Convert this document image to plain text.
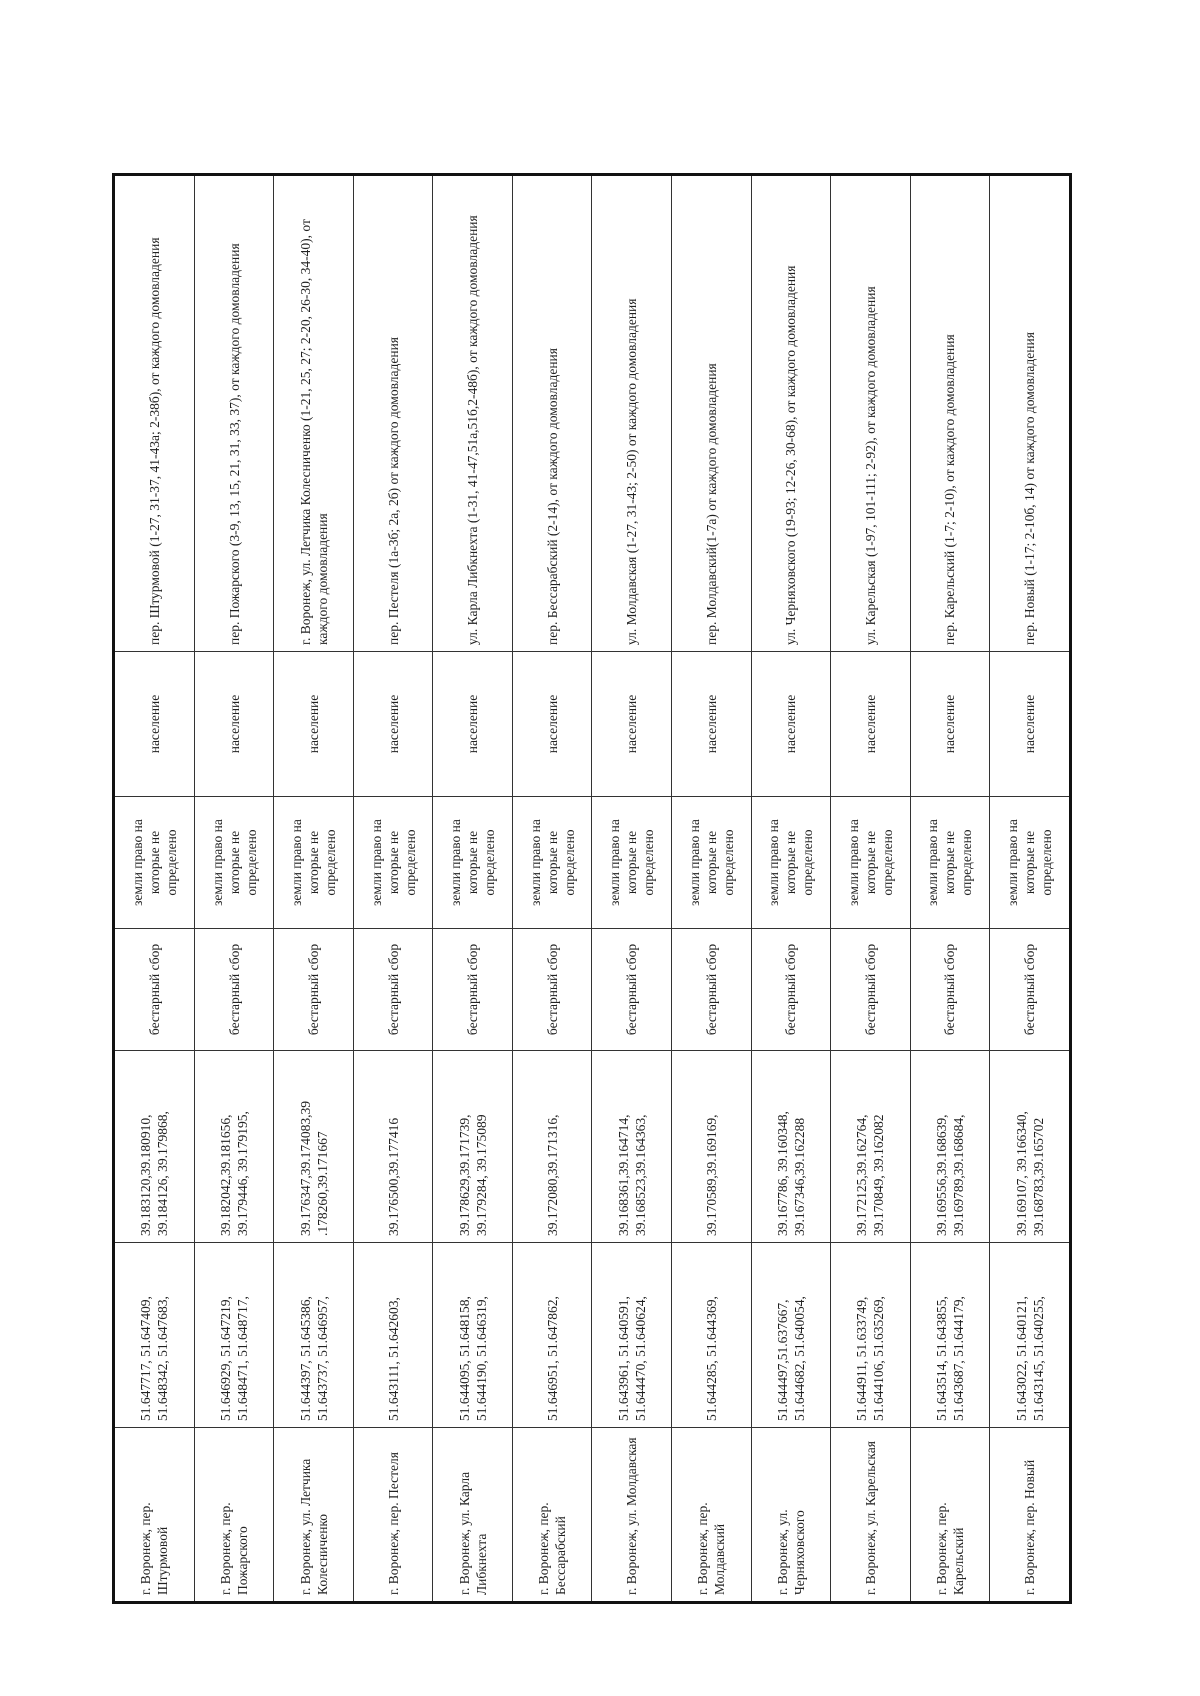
г. Воронеж, пер. Штурмовой	51.647717, 51.647409, 51.648342, 51.647683,	39.183120,39.180910, 39.184126, 39.179868,	бестарный сбор	земли право на которые не определено	население	пер. Штурмовой (1-27, 31-37, 41-43а; 2-38б), от каждого домовладения
г. Воронеж, пер. Пожарского	51.646929, 51.647219, 51.648471, 51.648717,	39.182042,39.181656, 39.179446, 39.179195,	бестарный сбор	земли право на которые не определено	население	пер. Пожарского (3-9, 13, 15, 21, 31, 33, 37), от каждого домовладения
г. Воронеж, ул. Летчика Колесниченко	51.644397, 51.645386, 51.643737, 51.646957,	39.176347,39.174083,39 .178260,39.171667	бестарный сбор	земли право на которые не определено	население	г. Воронеж, ул. Летчика Колесниченко (1-21, 25, 27; 2-20, 26-30, 34-40), от каждого домовладения
г. Воронеж, пер. Пестеля	51.643111, 51.642603,	39.176500,39.177416	бестарный сбор	земли право на которые не определено	население	пер. Пестеля (1а-3б; 2а, 2б) от каждого домовладения
г. Воронеж, ул. Карла Либкнехта	51.644095, 51.648158, 51.644190, 51.646319,	39.178629,39.171739, 39.179284, 39.175089	бестарный сбор	земли право на которые не определено	население	ул. Карла Либкнехта (1-31, 41-47,51а,51б,2-48б), от каждого домовладения
г. Воронеж, пер. Бессарабский	51.646951, 51.647862,	39.172080,39.171316,	бестарный сбор	земли право на которые не определено	население	пер. Бессарабский (2-14), от каждого домовладения
г. Воронеж, ул. Молдавская	51.643961, 51.640591, 51.644470, 51.640624,	39.168361,39.164714, 39.168523,39.164363,	бестарный сбор	земли право на которые не определено	население	ул. Молдавская (1-27, 31-43; 2-50) от каждого домовладения
г. Воронеж, пер. Молдавский	51.644285, 51.644369,	39.170589,39.169169,	бестарный сбор	земли право на которые не определено	население	пер. Молдавский(1-7а) от каждого домовладения
г. Воронеж, ул. Черняховского	51.644497,51.637667, 51.644682, 51.640054,	39.167786, 39.160348, 39.167346,39.162288	бестарный сбор	земли право на которые не определено	население	ул. Черняховского (19-93; 12-26, 30-68), от каждого домовладения
г. Воронеж, ул. Карельская	51.644911, 51.633749, 51.644106, 51.635269,	39.172125,39.162764, 39.170849, 39.162082	бестарный сбор	земли право на которые не определено	население	ул. Карельская (1-97, 101-111; 2-92), от каждого домовладения
г. Воронеж, пер. Карельский	51.643514, 51.643855, 51.643687, 51.644179,	39.169556,39.168639, 39.169789,39.168684,	бестарный сбор	земли право на которые не определено	население	пер. Карельский (1-7; 2-10), от каждого домовладения
г. Воронеж, пер. Новый	51.643022, 51.640121, 51.643145, 51.640255,	39.169107, 39.166340, 39.168783,39.165702	бестарный сбор	земли право на которые не определено	население	пер. Новый (1-17; 2-10б, 14) от каждого домовладения
